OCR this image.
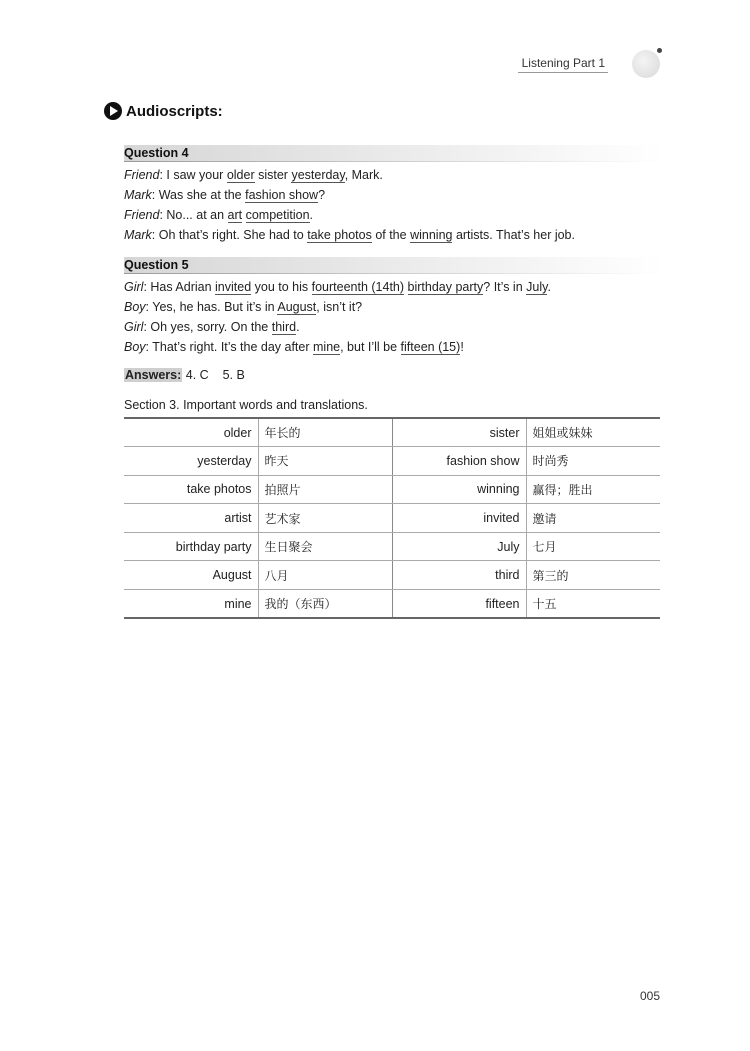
Listening Part 1
Audioscripts:
Question 4
Friend: I saw your older sister yesterday, Mark.
Mark: Was she at the fashion show?
Friend: No... at an art competition.
Mark: Oh that’s right. She had to take photos of the winning artists. That’s her job.
Question 5
Girl: Has Adrian invited you to his fourteenth (14th) birthday party? It’s in July.
Boy: Yes, he has. But it’s in August, isn’t it?
Girl: Oh yes, sorry. On the third.
Boy: That’s right. It’s the day after mine, but I’ll be fifteen (15)!
Answers: 4. C    5. B
Section 3. Important words and translations.
older	年长的	sister	姐姐或妹妹
yesterday	昨天	fashion show	时尚秀
take photos	拍照片	winning	赢得；胜出
artist	艺术家	invited	邀请
birthday party	生日聚会	July	七月
August	八月	third	第三的
mine	我的（东西）	fifteen	十五
005
